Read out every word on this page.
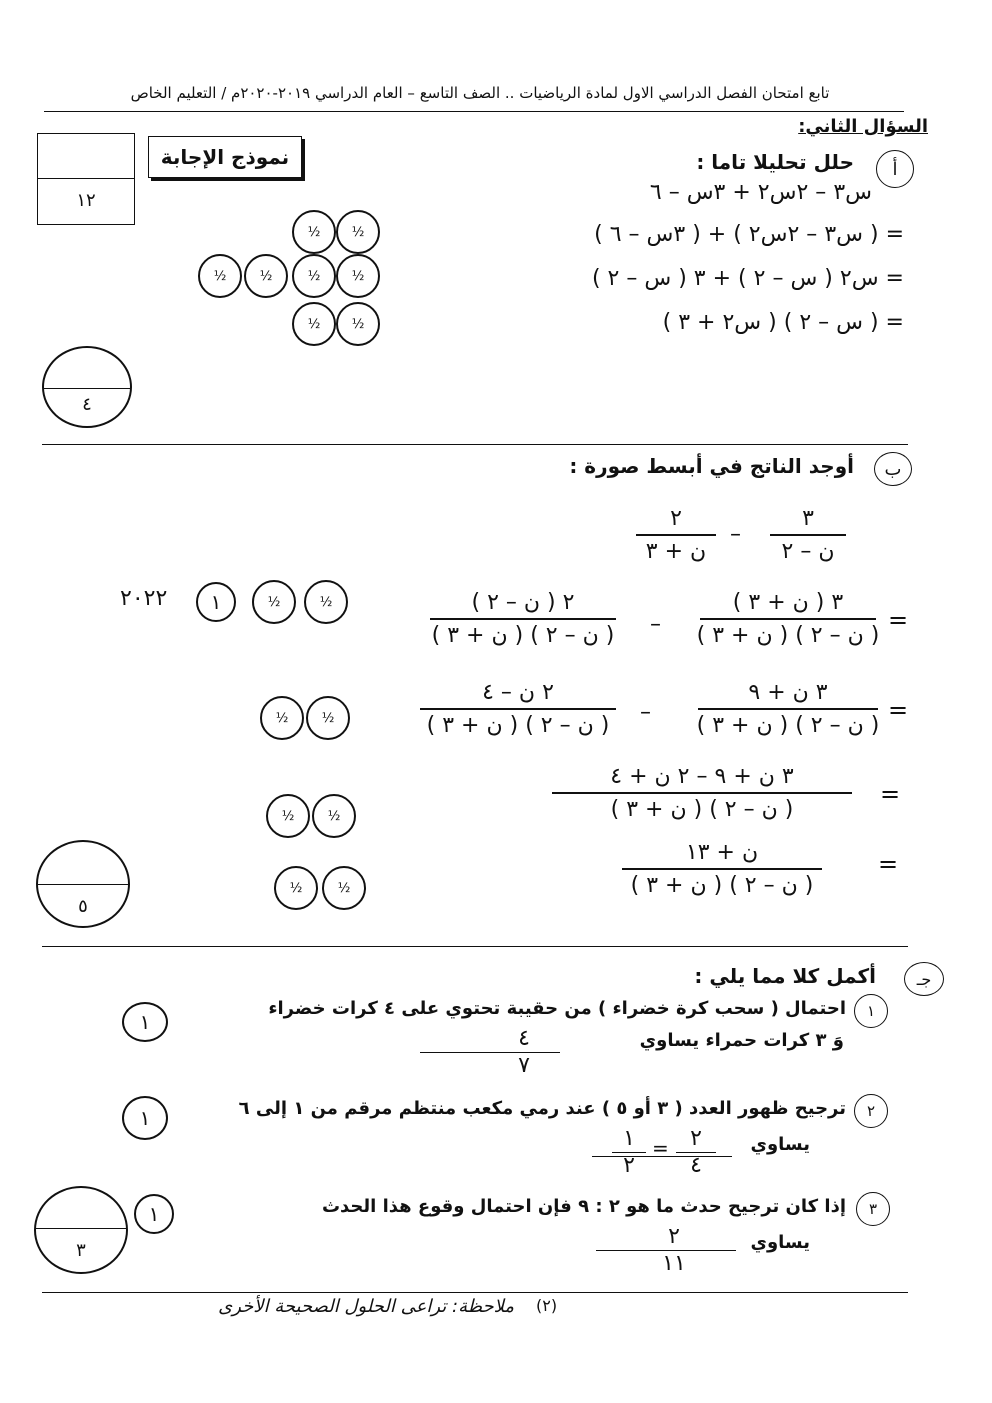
تابع امتحان الفصل الدراسي الاول لمادة الرياضيات .. الصف التاسع – العام الدراسي ٢٠١٩-٢٠٢٠م / التعليم الخاص
السؤال الثاني:
١٢
نموذج الإجابة	أ
حلل تحليلا تاما :
س٣ – ٢س٢ + ٣س – ٦
= ( س٣ – ٢س٢ ) + ( ٣س – ٦ )
= س٢ ( س – ٢ ) + ٣ ( س – ٢ )
= ( س – ٢ ) ( س٢ + ٣ )
½ ½
½	½	½ ½
½ ½
٤
ب
أوجد الناتج في أبسط صورة :
٣
ن – ٢
–
٢
ن + ٣
=
٣ ( ن + ٣ )
( ن – ٢ ) ( ن + ٣ )
–
٢ ( ن – ٢ )
( ن – ٢ ) ( ن + ٣ )
٢٠٢٢	١	½	½
=
٣ ن + ٩
( ن – ٢ ) ( ن + ٣ )
–
٢ ن – ٤
( ن – ٢ ) ( ن + ٣ )
½	½
=
٣ ن + ٩ – ٢ ن + ٤
( ن – ٢ ) ( ن + ٣ )
½	½
=
ن + ١٣
( ن – ٢ ) ( ن + ٣ )
½	½
٥
جـ
أكمل كلا مما يلي :
١
احتمال ( سحب كرة خضراء ) من حقيبة تحتوي على ٤ كرات خضراء
وَ ٣ كرات حمراء يساوي
٤
٧
١
٢
ترجيح ظهور العدد ( ٣ أو ٥ ) عند رمي مكعب منتظم مرقم من ١ إلى ٦
يساوي
٢
٤
=
١
٢
١
٣
إذا كان ترجيح حدث ما هو ٢ : ٩ فإن احتمال وقوع هذا الحدث
يساوي
٢
١١
١
٣
(٢)
ملاحظة: تراعى الحلول الصحيحة الأخرى
